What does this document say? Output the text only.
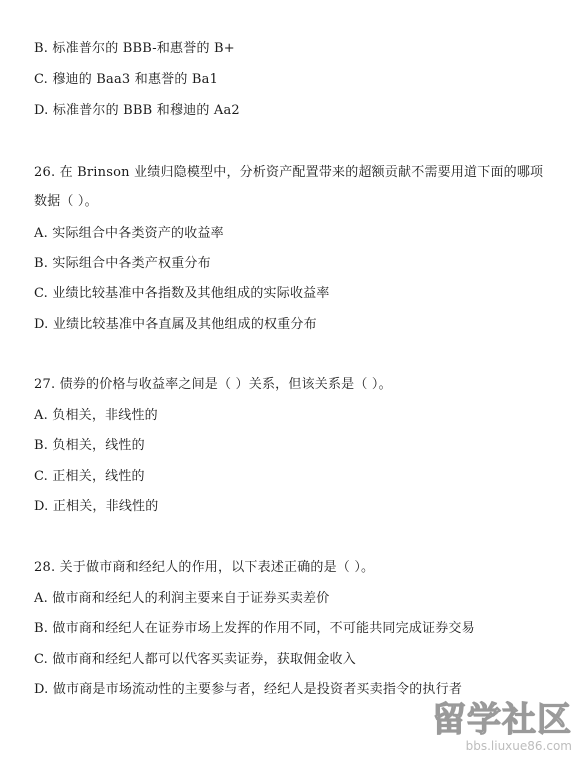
B. 标准普尔的 BBB-和惠誉的 B+
C. 穆迪的 Baa3 和惠誉的 Ba1
D. 标准普尔的 BBB 和穆迪的 Aa2
26. 在 Brinson 业绩归隐模型中，分析资产配置带来的超额贡献不需要用道下面的哪项
数据（ ）。
A. 实际组合中各类资产的收益率
B. 实际组合中各类产权重分布
C. 业绩比较基准中各指数及其他组成的实际收益率
D. 业绩比较基准中各直属及其他组成的权重分布
27. 债券的价格与收益率之间是（ ）关系，但该关系是（ ）。
A. 负相关，非线性的
B. 负相关，线性的
C. 正相关，线性的
D. 正相关，非线性的
28. 关于做市商和经纪人的作用，以下表述正确的是（ ）。
A. 做市商和经纪人的利润主要来自于证券买卖差价
B. 做市商和经纪人在证券市场上发挥的作用不同，不可能共同完成证券交易
C. 做市商和经纪人都可以代客买卖证券，获取佣金收入
D. 做市商是市场流动性的主要参与者，经纪人是投资者买卖指令的执行者
留学社区
bbs.liuxue86.com
